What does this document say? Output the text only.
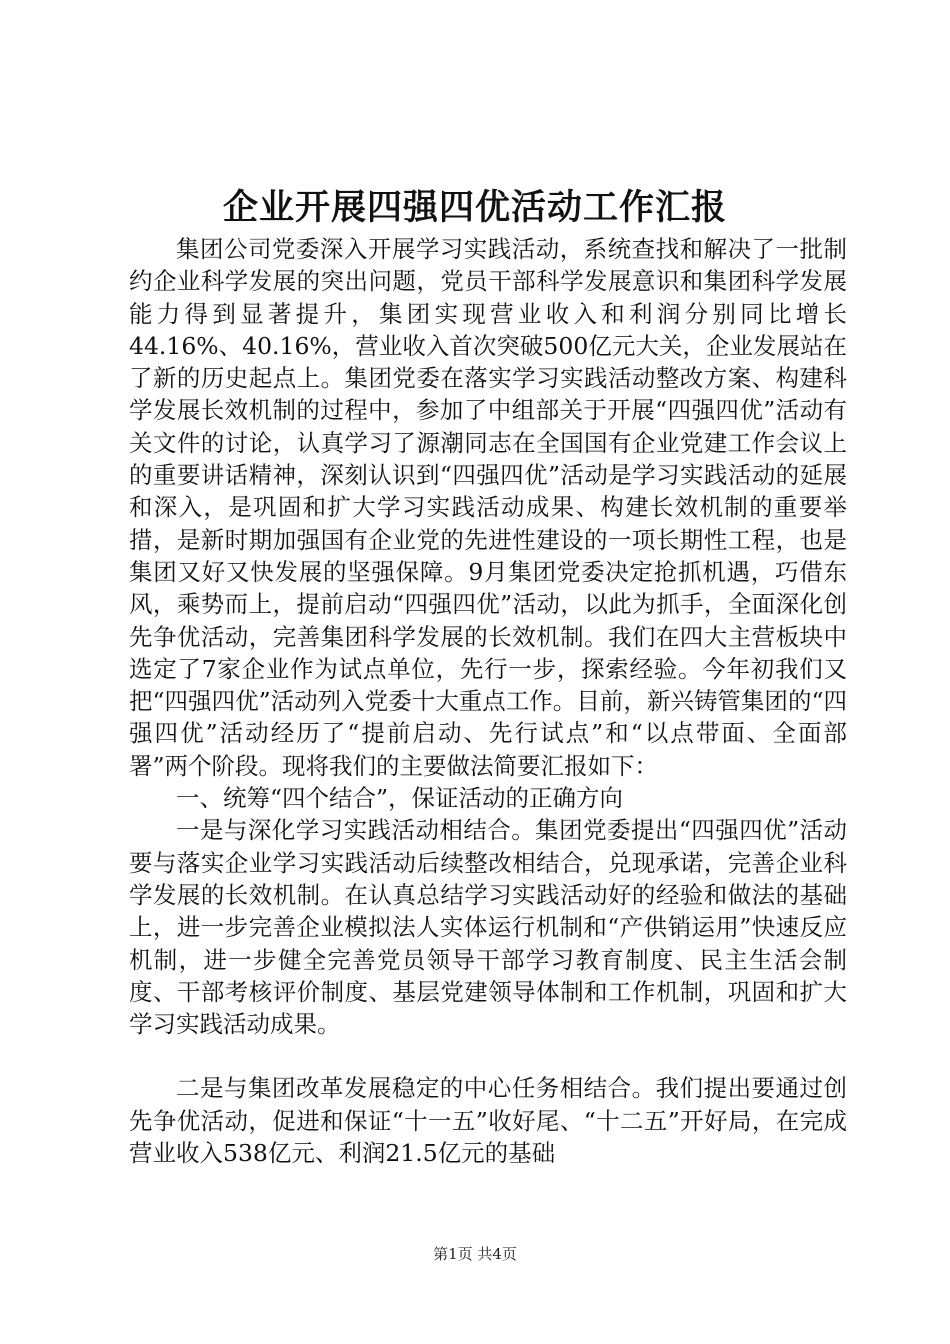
企业开展四强四优活动工作汇报

集团公司党委深入开展学习实践活动，系统查找和解决了一批制约企业科学发展的突出问题，党员干部科学发展意识和集团科学发展能力得到显著提升，集团实现营业收入和利润分别同比增长44.16%、40.16%，营业收入首次突破500亿元大关，企业发展站在了新的历史起点上。集团党委在落实学习实践活动整改方案、构建科学发展长效机制的过程中，参加了中组部关于开展“四强四优”活动有关文件的讨论，认真学习了源潮同志在全国国有企业党建工作会议上的重要讲话精神，深刻认识到“四强四优”活动是学习实践活动的延展和深入，是巩固和扩大学习实践活动成果、构建长效机制的重要举措，是新时期加强国有企业党的先进性建设的一项长期性工程，也是集团又好又快发展的坚强保障。9月集团党委决定抢抓机遇，巧借东风，乘势而上，提前启动“四强四优”活动，以此为抓手，全面深化创先争优活动，完善集团科学发展的长效机制。我们在四大主营板块中选定了7家企业作为试点单位，先行一步，探索经验。今年初我们又把“四强四优”活动列入党委十大重点工作。目前，新兴铸管集团的“四强四优”活动经历了“提前启动、先行试点”和“以点带面、全面部署”两个阶段。现将我们的主要做法简要汇报如下：

一、统筹“四个结合”，保证活动的正确方向

一是与深化学习实践活动相结合。集团党委提出“四强四优”活动要与落实企业学习实践活动后续整改相结合，兑现承诺，完善企业科学发展的长效机制。在认真总结学习实践活动好的经验和做法的基础上，进一步完善企业模拟法人实体运行机制和“产供销运用”快速反应机制，进一步健全完善党员领导干部学习教育制度、民主生活会制度、干部考核评价制度、基层党建领导体制和工作机制，巩固和扩大学习实践活动成果。

二是与集团改革发展稳定的中心任务相结合。我们提出要通过创先争优活动，促进和保证“十一五”收好尾、“十二五”开好局，在完成营业收入538亿元、利润21.5亿元的基础

第1页 共4页
